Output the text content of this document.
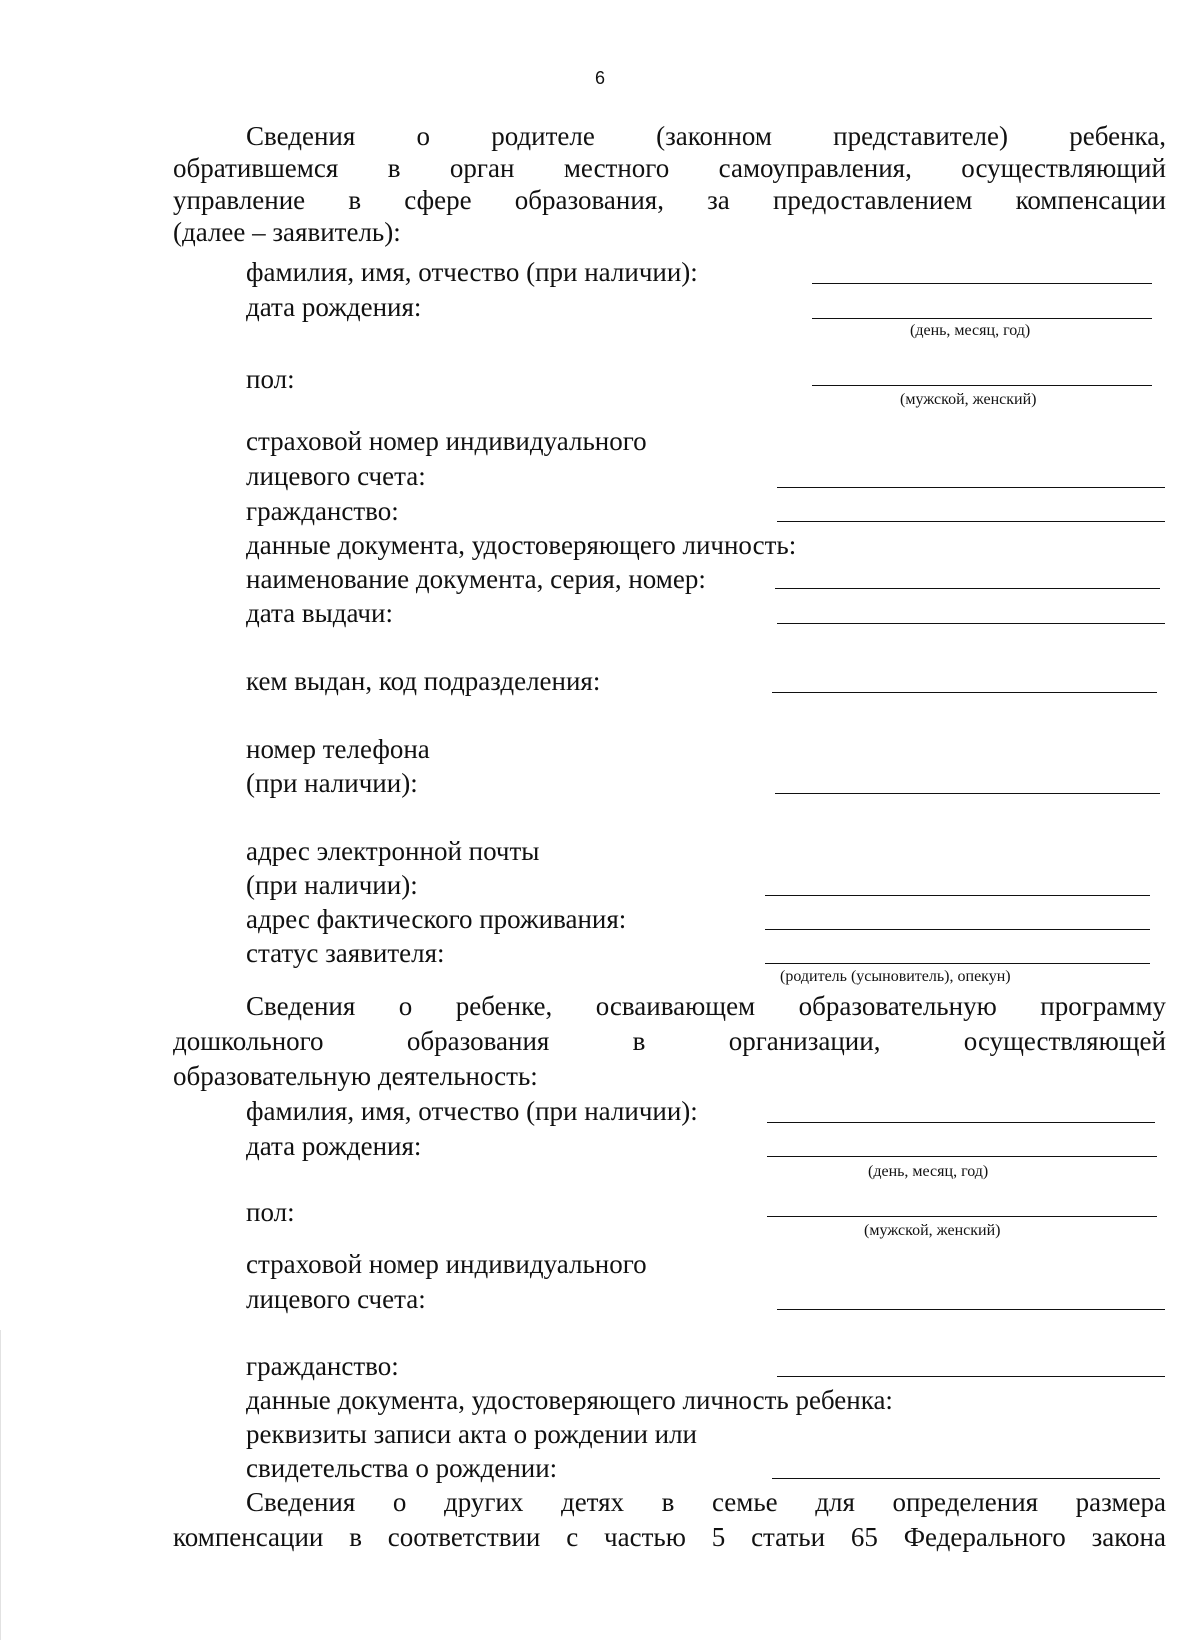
6
Сведения о родителе (законном представителе) ребенка,
обратившемся в орган местного самоуправления, осуществляющий
управление в сфере образования, за предоставлением компенсации
(далее – заявитель):
фамилия, имя, отчество (при наличии):
дата рождения:
(день, месяц, год)
пол:
(мужской, женский)
страховой номер индивидуального
лицевого счета:
гражданство:
данные документа, удостоверяющего личность:
наименование документа, серия, номер:
дата выдачи:
кем выдан, код подразделения:
номер телефона
(при наличии):
адрес электронной почты
(при наличии):
адрес фактического проживания:
статус заявителя:
(родитель (усыновитель), опекун)
Сведения о ребенке, осваивающем образовательную программу
дошкольного	образования	в	организации,	осуществляющей
образовательную деятельность:
фамилия, имя, отчество (при наличии):
дата рождения:
(день, месяц, год)
пол:
(мужской, женский)
страховой номер индивидуального
лицевого счета:
гражданство:
данные документа, удостоверяющего личность ребенка:
реквизиты записи акта о рождении или
свидетельства о рождении:
Сведения о других детях в семье для определения размера
компенсации в соответствии с частью 5 статьи 65 Федерального закона
